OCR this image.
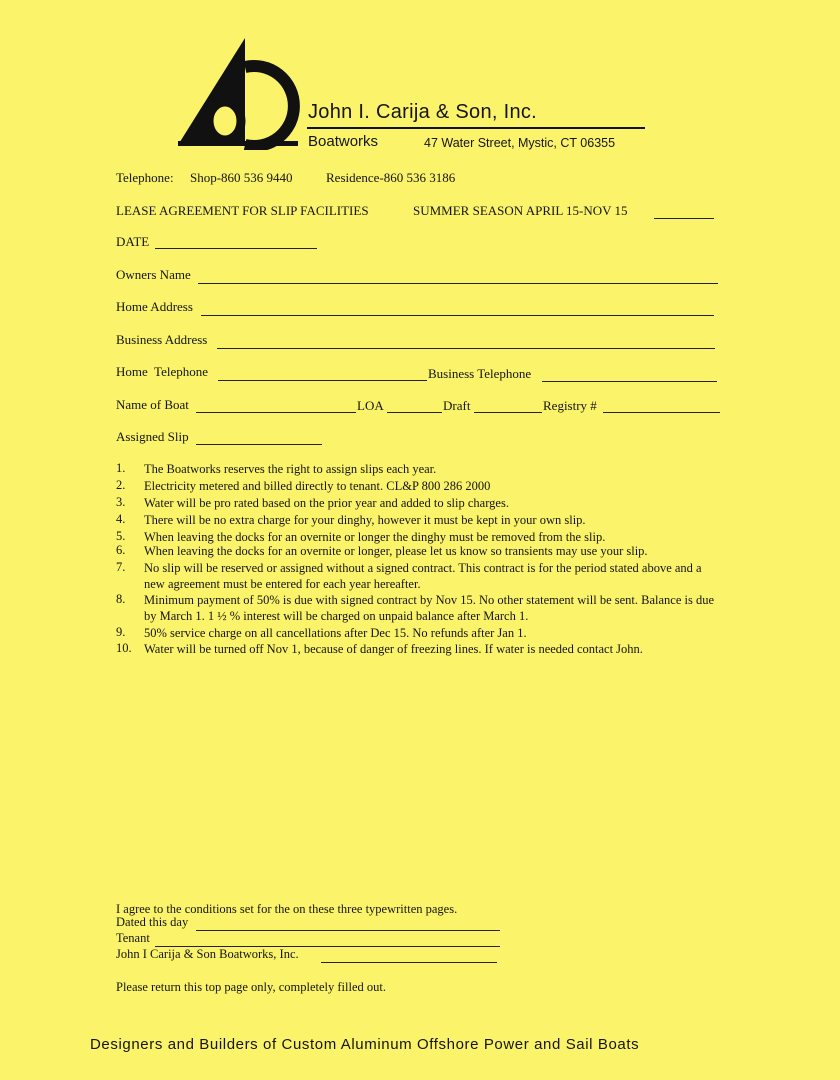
John I. Carija & Son, Inc.
Boatworks	47 Water Street, Mystic, CT 06355
Telephone: Shop-860 536 9440	Residence-860 536 3186
LEASE AGREEMENT FOR SLIP FACILITIES	SUMMER SEASON APRIL 15-NOV 15
DATE
Owners Name
Home Address
Business Address
Home  Telephone	Business Telephone
Name of Boat	LOA	Draft	Registry #
Assigned Slip
1. The Boatworks reserves the right to assign slips each year.
2. Electricity metered and billed directly to tenant. CL&P 800 286 2000
3. Water will be pro rated based on the prior year and added to slip charges.
4. There will be no extra charge for your dinghy, however it must be kept in your own slip.
5. When leaving the docks for an overnite or longer the dinghy must be removed from the slip.
6. When leaving the docks for an overnite or longer, please let us know so transients may use your slip.
7. No slip will be reserved or assigned without a signed contract. This contract is for the period stated above and a new agreement must be entered for each year hereafter.
8. Minimum payment of 50% is due with signed contract by Nov 15. No other statement will be sent. Balance is due by March 1. 1 ½ % interest will be charged on unpaid balance after March 1.
9. 50% service charge on all cancellations after Dec 15. No refunds after Jan 1.
10. Water will be turned off Nov 1, because of danger of freezing lines. If water is needed contact John.
I agree to the conditions set for the on these three typewritten pages.
Dated this day
Tenant
John I Carija & Son Boatworks, Inc.
Please return this top page only, completely filled out.
Designers and Builders of Custom Aluminum Offshore Power and Sail Boats
